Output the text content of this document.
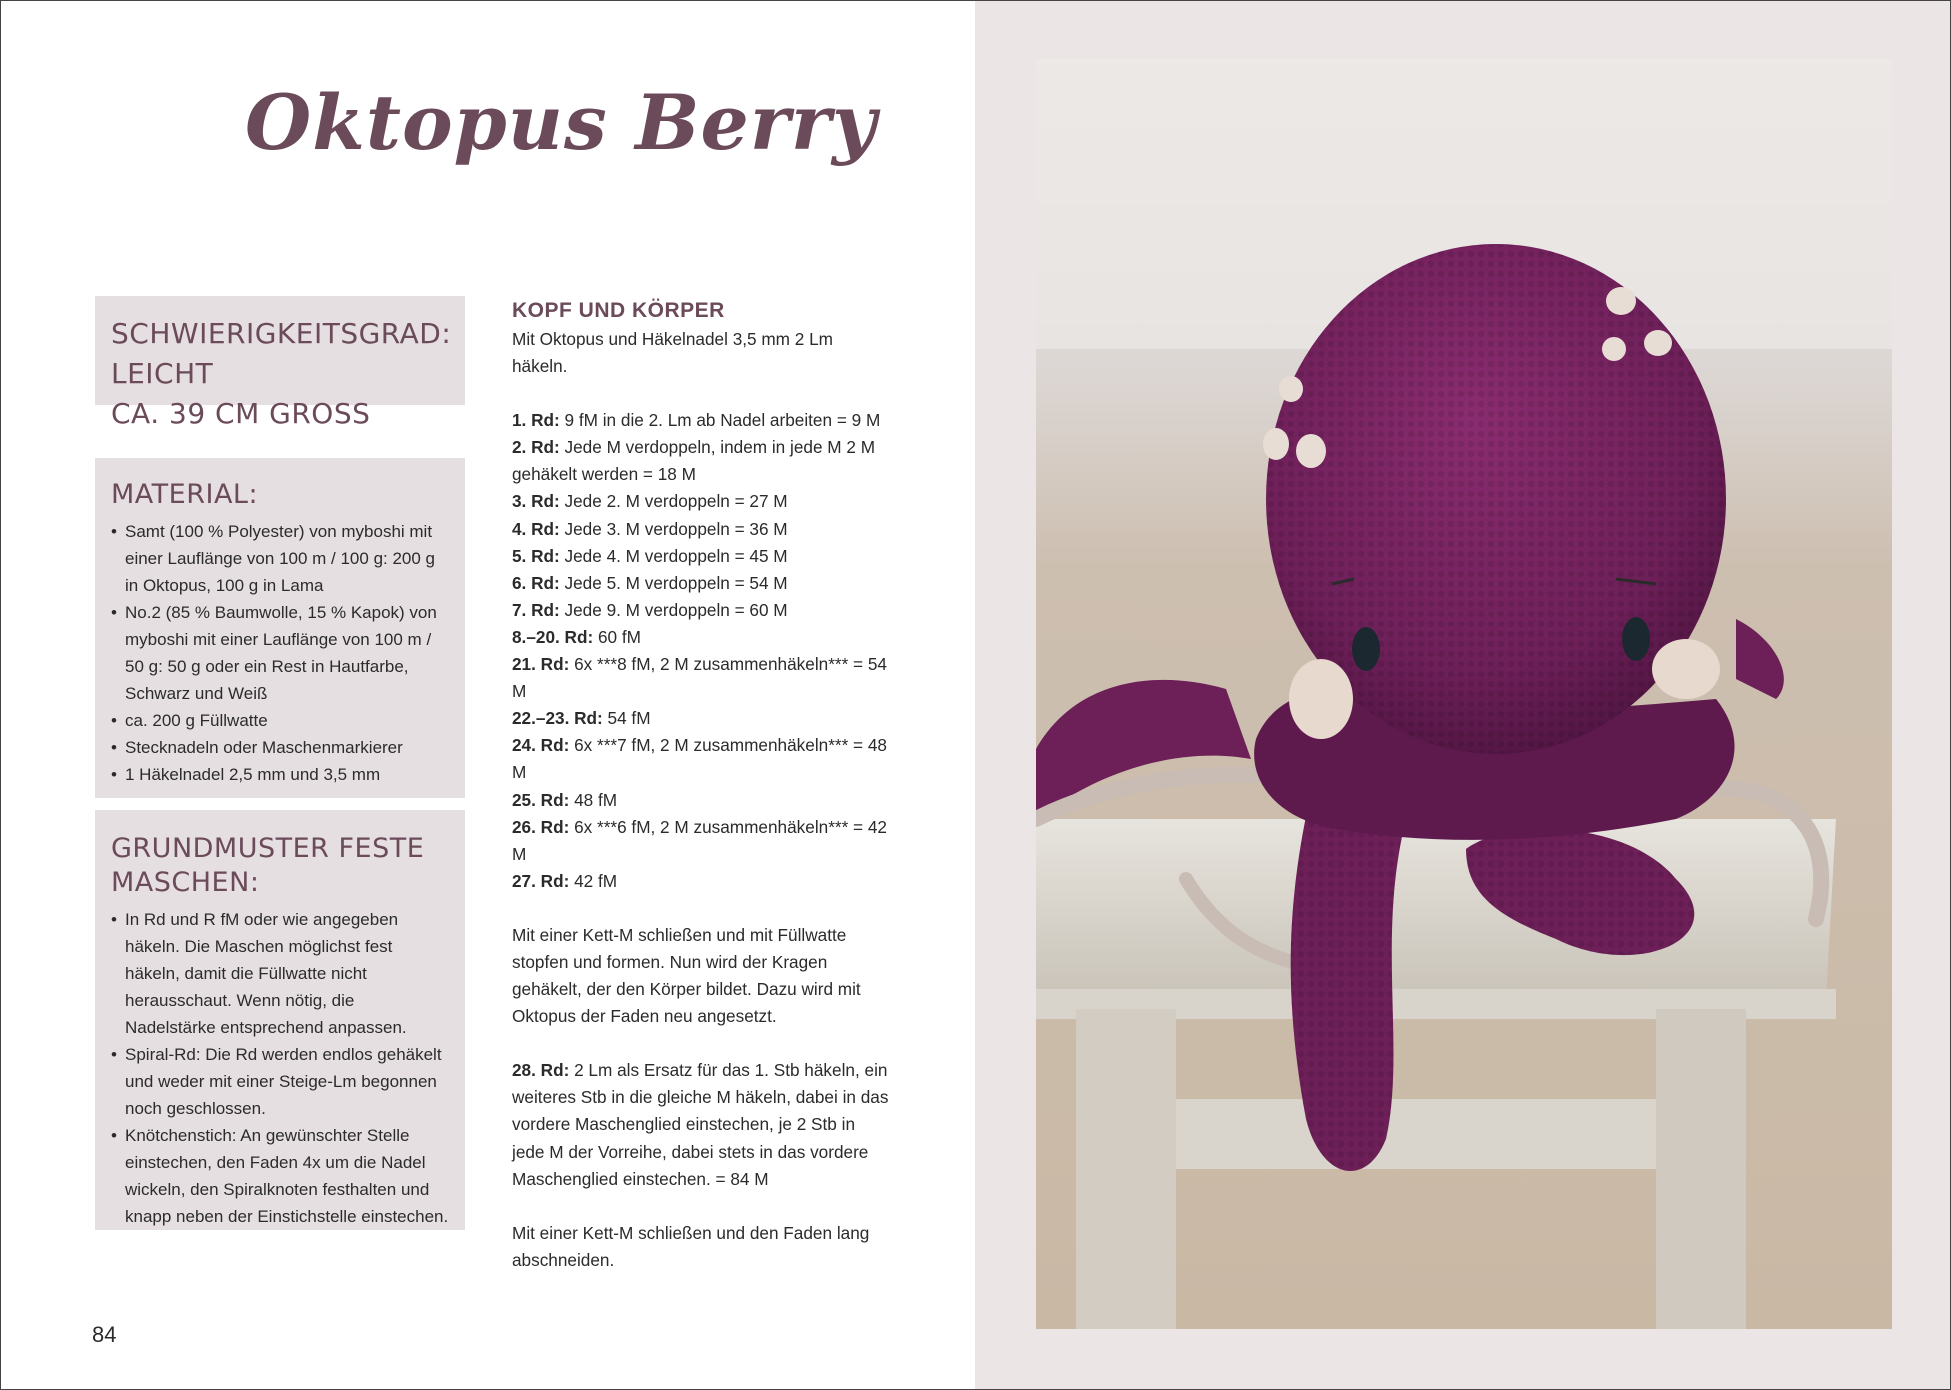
Oktopus Berry
SCHWIERIGKEITSGRAD: LEICHT
CA. 39 CM GROSS
MATERIAL:
• Samt (100 % Polyester) von myboshi mit einer Lauflänge von 100 m / 100 g: 200 g in Oktopus, 100 g in Lama
• No.2 (85 % Baumwolle, 15 % Kapok) von myboshi mit einer Lauflänge von 100 m / 50 g: 50 g oder ein Rest in Hautfarbe, Schwarz und Weiß
• ca. 200 g Füllwatte
• Stecknadeln oder Maschenmarkierer
• 1 Häkelnadel 2,5 mm und 3,5 mm
GRUNDMUSTER FESTE MASCHEN:
• In Rd und R fM oder wie angegeben häkeln. Die Maschen möglichst fest häkeln, damit die Füllwatte nicht herausschaut. Wenn nötig, die Nadelstärke entsprechend anpassen.
• Spiral-Rd: Die Rd werden endlos gehäkelt und weder mit einer Steige-Lm begonnen noch geschlossen.
• Knötchenstich: An gewünschter Stelle einstechen, den Faden 4x um die Nadel wickeln, den Spiralknoten festhalten und knapp neben der Einstichstelle einstechen.
KOPF UND KÖRPER

Mit Oktopus und Häkelnadel 3,5 mm 2 Lm häkeln.

1. Rd: 9 fM in die 2. Lm ab Nadel arbeiten = 9 M

2. Rd: Jede M verdoppeln, indem in jede M 2 M gehäkelt werden = 18 M

3. Rd: Jede 2. M verdoppeln = 27 M

4. Rd: Jede 3. M verdoppeln = 36 M

5. Rd: Jede 4. M verdoppeln = 45 M

6. Rd: Jede 5. M verdoppeln = 54 M

7. Rd: Jede 9. M verdoppeln = 60 M

8.–20. Rd: 60 fM

21. Rd: 6x ***8 fM, 2 M zusammenhäkeln*** = 54 M

22.–23. Rd: 54 fM

24. Rd: 6x ***7 fM, 2 M zusammenhäkeln*** = 48 M

25. Rd: 48 fM

26. Rd: 6x ***6 fM, 2 M zusammenhäkeln*** = 42 M

27. Rd: 42 fM

Mit einer Kett-M schließen und mit Füllwatte stopfen und formen. Nun wird der Kragen gehäkelt, der den Körper bildet. Dazu wird mit Oktopus der Faden neu angesetzt.

28. Rd: 2 Lm als Ersatz für das 1. Stb häkeln, ein weiteres Stb in die gleiche M häkeln, dabei in das vordere Maschenglied einstechen, je 2 Stb in jede M der Vorreihe, dabei stets in das vordere Maschenglied einstechen. = 84 M

Mit einer Kett-M schließen und den Faden lang abschneiden.

84
